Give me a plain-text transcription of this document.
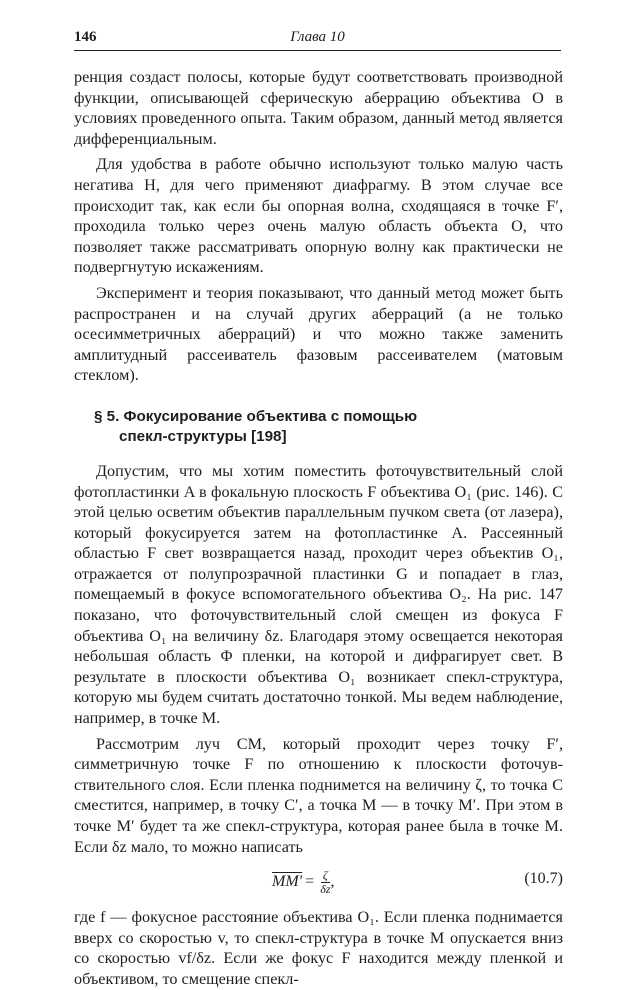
146	Глава 10

ренция создаст полосы, которые будут соответствовать производной функции, описывающей сферическую аберрацию объектива O в условиях проведенного опыта. Таким образом, данный метод является дифференциальным.

Для удобства в работе обычно используют только малую часть негатива H, для чего применяют диафрагму. В этом случае все происходит так, как если бы опорная волна, сходящаяся в точке F′, проходила только через очень малую область объекта O, что позволяет также рассматривать опорную волну как практически не подвергнутую искажениям.

Эксперимент и теория показывают, что данный метод может быть распространен и на случай других аберраций (а не только осесимметричных аберраций) и что можно также заменить амплитудный рассеиватель фазовым рассеивателем (матовым стеклом).

§ 5. Фокусирование объектива с помощью
спекл-структуры [198]

Допустим, что мы хотим поместить фоточувствительный слой фотопластинки A в фокальную плоскость F объектива O₁ (рис. 146). С этой целью осветим объектив параллельным пучком света (от лазера), который фокусируется затем на фотопластинке A. Рассеянный областью F свет возвращается назад, проходит через объектив O₁, отражается от полупрозрачной пластинки G и попадает в глаз, помещаемый в фокусе вспомогательного объектива O₂. На рис. 147 показано, что фоточувствительный слой смещен из фокуса F объектива O₁ на величину δz. Благодаря этому освещается некоторая небольшая область Φ пленки, на которой и дифрагирует свет. В результате в плоскости объектива O₁ возникает спекл-структура, которую мы будем считать достаточно тонкой. Мы ведем наблюдение, например, в точке M.

Рассмотрим луч CM, который проходит через точку F′, симметричную точке F по отношению к плоскости фоточувствительного слоя. Если пленка поднимется на величину ζ, то точка C сместится, например, в точку C′, а точка M — в точку M′. При этом в точке M′ будет та же спекл-структура, которая ранее была в точке M. Если δz мало, то можно написать

$MM' = \frac{\zeta}{\delta z}$ ,	(10.7)

где f — фокусное расстояние объектива O₁. Если пленка поднимается вверх со скоростью v, то спекл-структура в точке M опускается вниз со скоростью vf/δz. Если же фокус F находится между пленкой и объективом, то смещение спекл-
